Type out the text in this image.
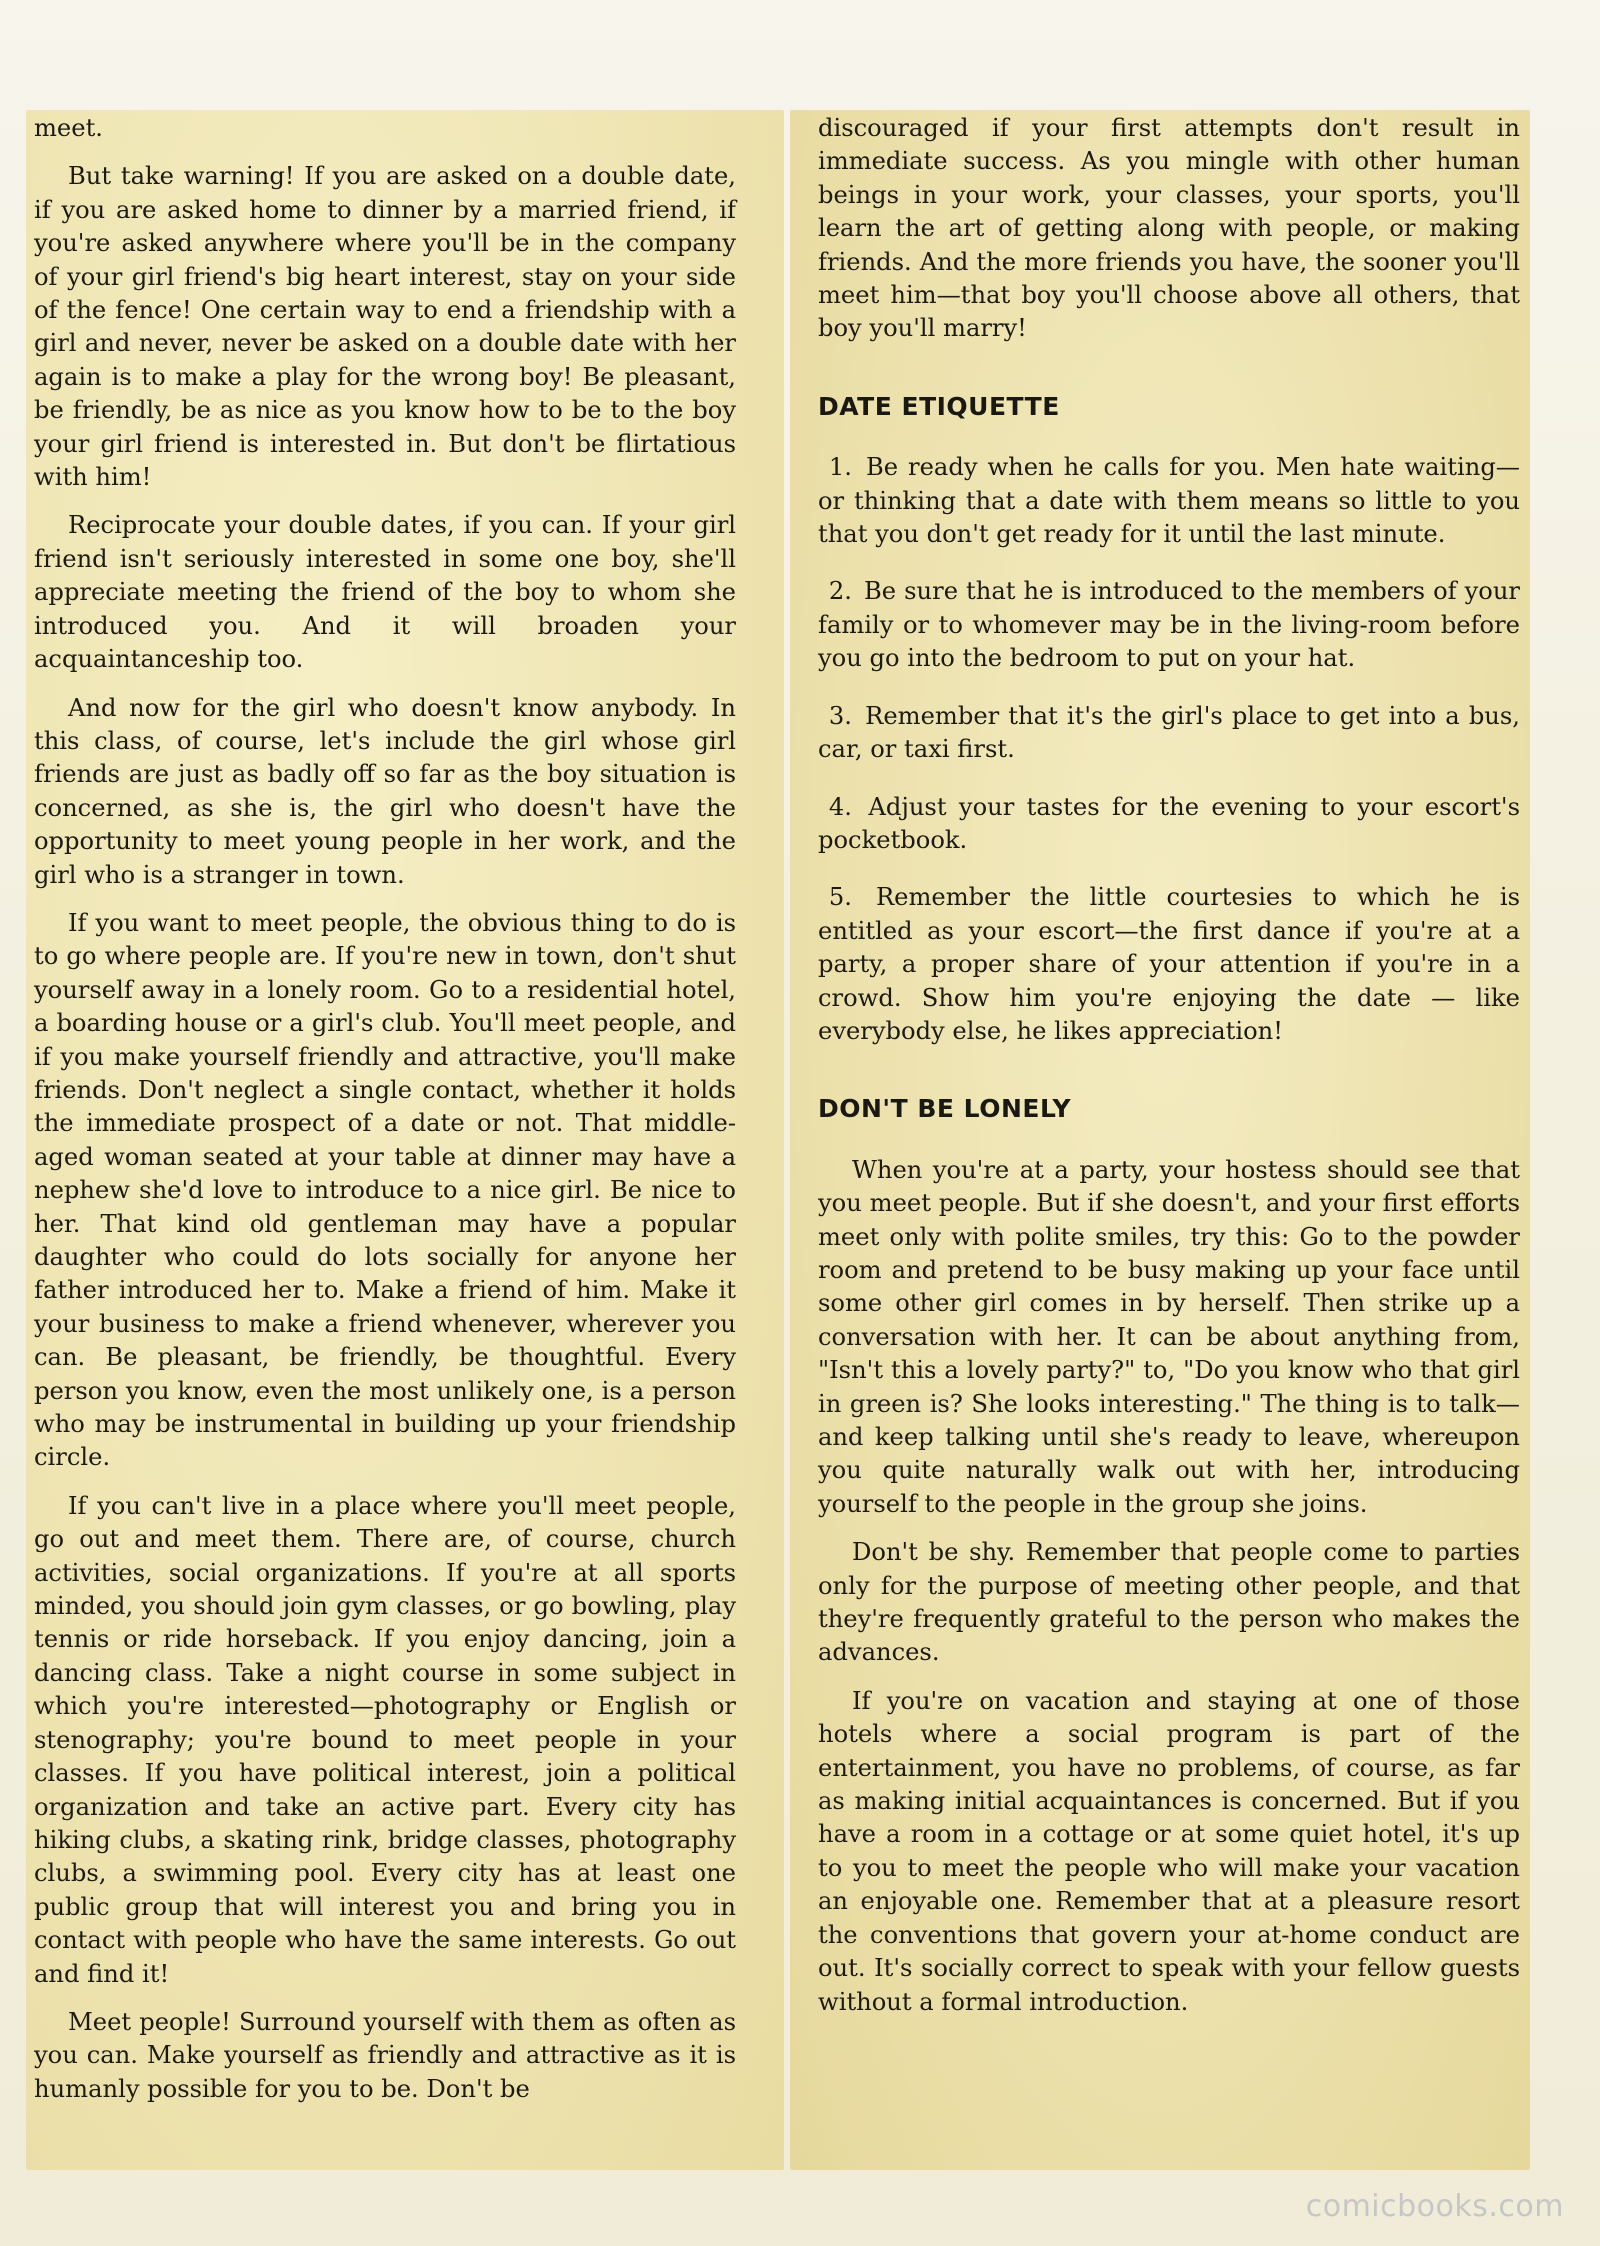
meet.

But take warning! If you are asked on a double date, if you are asked home to dinner by a married friend, if you're asked anywhere where you'll be in the company of your girl friend's big heart interest, stay on your side of the fence! One certain way to end a friendship with a girl and never, never be asked on a double date with her again is to make a play for the wrong boy! Be pleasant, be friendly, be as nice as you know how to be to the boy your girl friend is interested in. But don't be flirtatious with him!

Reciprocate your double dates, if you can. If your girl friend isn't seriously interested in some one boy, she'll appreciate meeting the friend of the boy to whom she introduced you. And it will broaden your acquaintanceship too.

And now for the girl who doesn't know anybody. In this class, of course, let's include the girl whose girl friends are just as badly off so far as the boy situation is concerned, as she is, the girl who doesn't have the opportunity to meet young people in her work, and the girl who is a stranger in town.

If you want to meet people, the obvious thing to do is to go where people are. If you're new in town, don't shut yourself away in a lonely room. Go to a residential hotel, a boarding house or a girl's club. You'll meet people, and if you make yourself friendly and attractive, you'll make friends. Don't neglect a single contact, whether it holds the immediate prospect of a date or not. That middle-aged woman seated at your table at dinner may have a nephew she'd love to introduce to a nice girl. Be nice to her. That kind old gentleman may have a popular daughter who could do lots socially for anyone her father introduced her to. Make a friend of him. Make it your business to make a friend whenever, wherever you can. Be pleasant, be friendly, be thoughtful. Every person you know, even the most unlikely one, is a person who may be instrumental in building up your friendship circle.

If you can't live in a place where you'll meet people, go out and meet them. There are, of course, church activities, social organizations. If you're at all sports minded, you should join gym classes, or go bowling, play tennis or ride horseback. If you enjoy dancing, join a dancing class. Take a night course in some subject in which you're interested—photography or English or stenography; you're bound to meet people in your classes. If you have political interest, join a political organization and take an active part. Every city has hiking clubs, a skating rink, bridge classes, photography clubs, a swimming pool. Every city has at least one public group that will interest you and bring you in contact with people who have the same interests. Go out and find it!

Meet people! Surround yourself with them as often as you can. Make yourself as friendly and attractive as it is humanly possible for you to be. Don't be

discouraged if your first attempts don't result in immediate success. As you mingle with other human beings in your work, your classes, your sports, you'll learn the art of getting along with people, or making friends. And the more friends you have, the sooner you'll meet him—that boy you'll choose above all others, that boy you'll marry!

DATE ETIQUETTE

1. Be ready when he calls for you. Men hate waiting—or thinking that a date with them means so little to you that you don't get ready for it until the last minute.

2. Be sure that he is introduced to the members of your family or to whomever may be in the living-room before you go into the bedroom to put on your hat.

3. Remember that it's the girl's place to get into a bus, car, or taxi first.

4. Adjust your tastes for the evening to your escort's pocketbook.

5. Remember the little courtesies to which he is entitled as your escort—the first dance if you're at a party, a proper share of your attention if you're in a crowd. Show him you're enjoying the date — like everybody else, he likes appreciation!

DON'T BE LONELY

When you're at a party, your hostess should see that you meet people. But if she doesn't, and your first efforts meet only with polite smiles, try this: Go to the powder room and pretend to be busy making up your face until some other girl comes in by herself. Then strike up a conversation with her. It can be about anything from, "Isn't this a lovely party?" to, "Do you know who that girl in green is? She looks interesting." The thing is to talk—and keep talking until she's ready to leave, whereupon you quite naturally walk out with her, introducing yourself to the people in the group she joins.

Don't be shy. Remember that people come to parties only for the purpose of meeting other people, and that they're frequently grateful to the person who makes the advances.

If you're on vacation and staying at one of those hotels where a social program is part of the entertainment, you have no problems, of course, as far as making initial acquaintances is concerned. But if you have a room in a cottage or at some quiet hotel, it's up to you to meet the people who will make your vacation an enjoyable one. Remember that at a pleasure resort the conventions that govern your at-home conduct are out. It's socially correct to speak with your fellow guests without a formal introduction.

comicbooks.com
